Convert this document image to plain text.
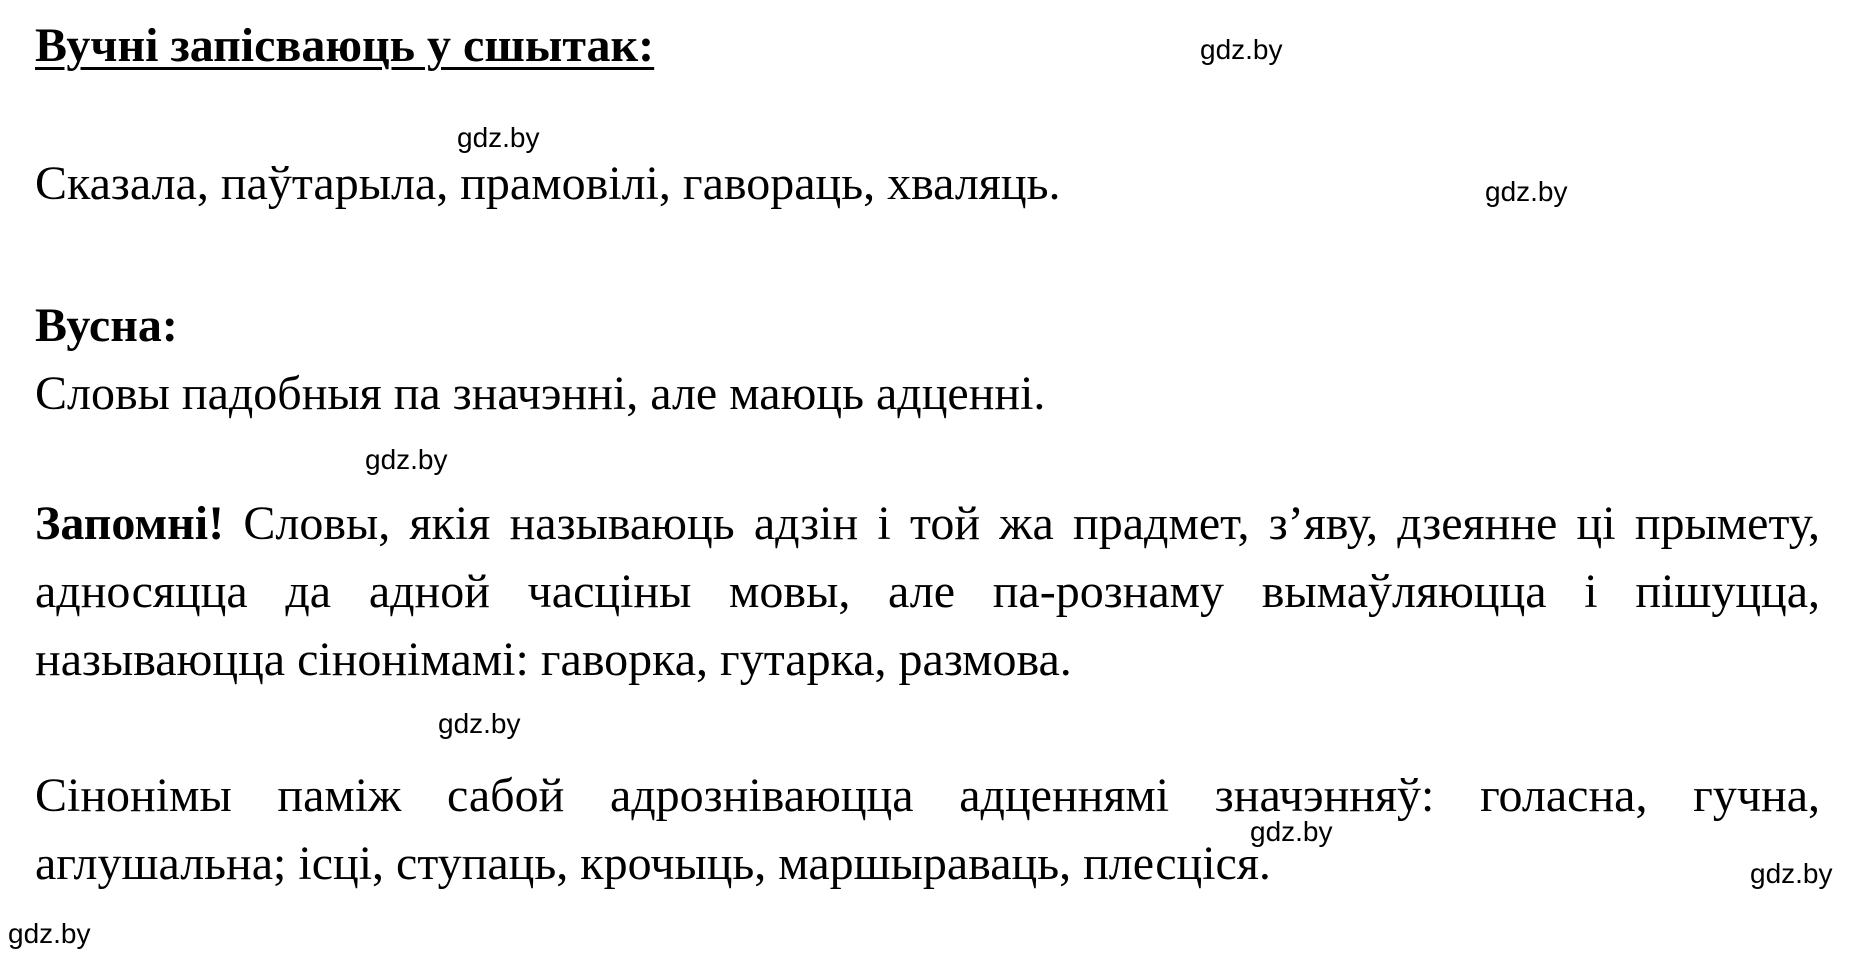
Вучні запісваюць у сшытак:
Сказала, паўтарыла, прамовілі, гавораць, хваляць.
Вусна:
Словы падобныя па значэнні, але маюць адценні.
Запомні! Словы, якія называюць адзін і той жа прадмет, з’яву, дзеянне ці прымету, адносяцца да адной часціны мовы, але па-рознаму вымаўляюцца і пішуцца, называюцца сінонімамі: гаворка, гутарка, размова.
Сінонімы паміж сабой адрозніваюцца адценнямі значэнняў: голасна, гучна, аглушальна; ісці, ступаць, крочыць, маршыраваць, плесціся.
gdz.by
gdz.by
gdz.by
gdz.by
gdz.by
gdz.by
gdz.by
gdz.by
